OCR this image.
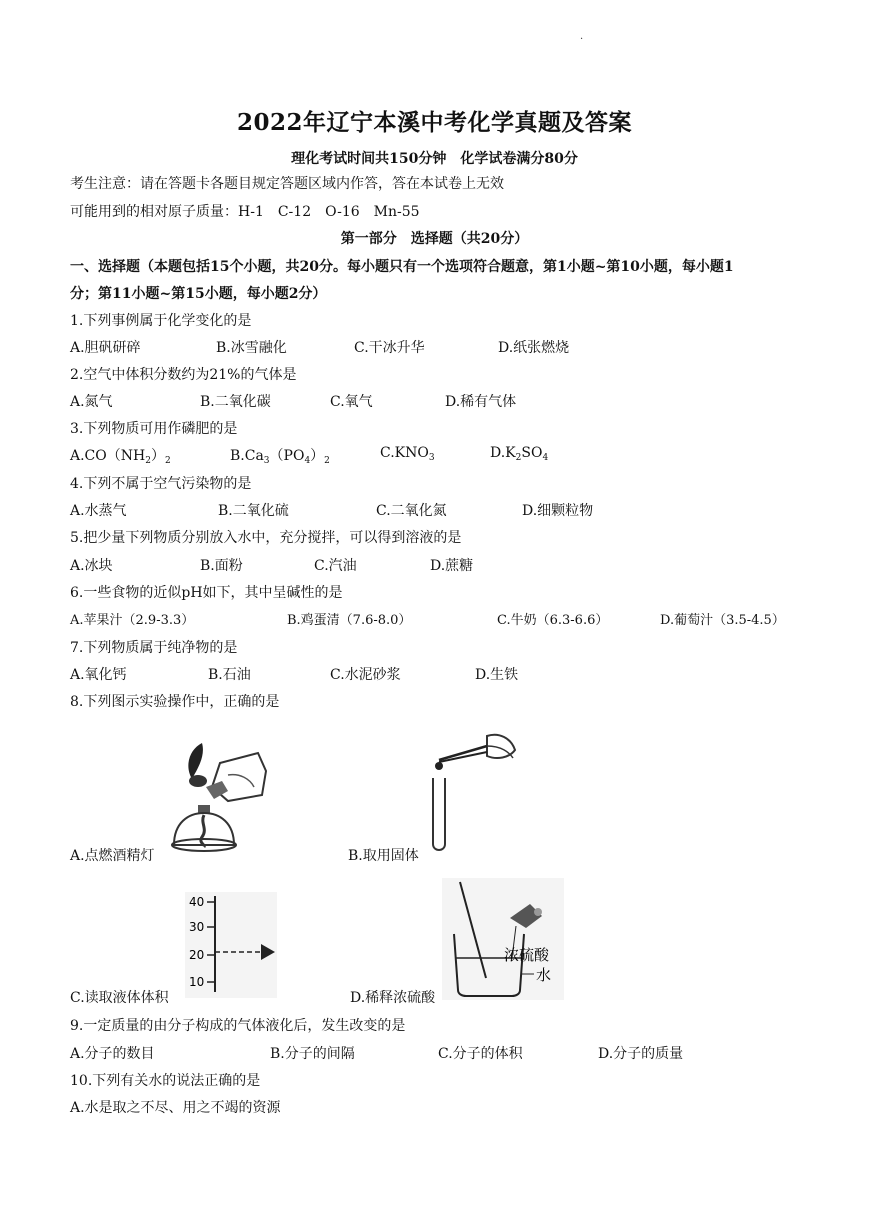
·
2022年辽宁本溪中考化学真题及答案
理化考试时间共150分钟　化学试卷满分80分
考生注意：请在答题卡各题目规定答题区域内作答，答在本试卷上无效
可能用到的相对原子质量：H-1　C-12　O-16　Mn-55
第一部分　选择题（共20分）
一、选择题（本题包括15个小题，共20分。每小题只有一个选项符合题意，第1小题~第10小题，每小题1
分；第11小题~第15小题，每小题2分）
1.下列事例属于化学变化的是
A.胆矾研碎	B.冰雪融化	C.干冰升华	D.纸张燃烧
2.空气中体积分数约为21%的气体是
A.氮气	B.二氧化碳	C.氧气	D.稀有气体
3.下列物质可用作磷肥的是
$A.CO(NH_2)_2$	$B.Ca_3(PO_4)_2$	$C.KNO_3$	$D.K_2SO_4$
4.下列不属于空气污染物的是
A.水蒸气	B.二氧化硫	C.二氧化氮	D.细颗粒物
5.把少量下列物质分别放入水中，充分搅拌，可以得到溶液的是
A.冰块	B.面粉	C.汽油	D.蔗糖
6.一些食物的近似pH如下，其中呈碱性的是
A.苹果汁（2.9-3.3）	B.鸡蛋清（7.6-8.0）	C.牛奶（6.3-6.6）	D.葡萄汁（3.5-4.5）
7.下列物质属于纯净物的是
A.氧化钙	B.石油	C.水泥砂浆	D.生铁
8.下列图示实验操作中，正确的是
A.点燃酒精灯	B.取用固体
40
30
20
10
C.读取液体体积
浓硫酸
水
D.稀释浓硫酸
9.一定质量的由分子构成的气体液化后，发生改变的是
A.分子的数目	B.分子的间隔	C.分子的体积	D.分子的质量
10.下列有关水的说法正确的是
A.水是取之不尽、用之不竭的资源
